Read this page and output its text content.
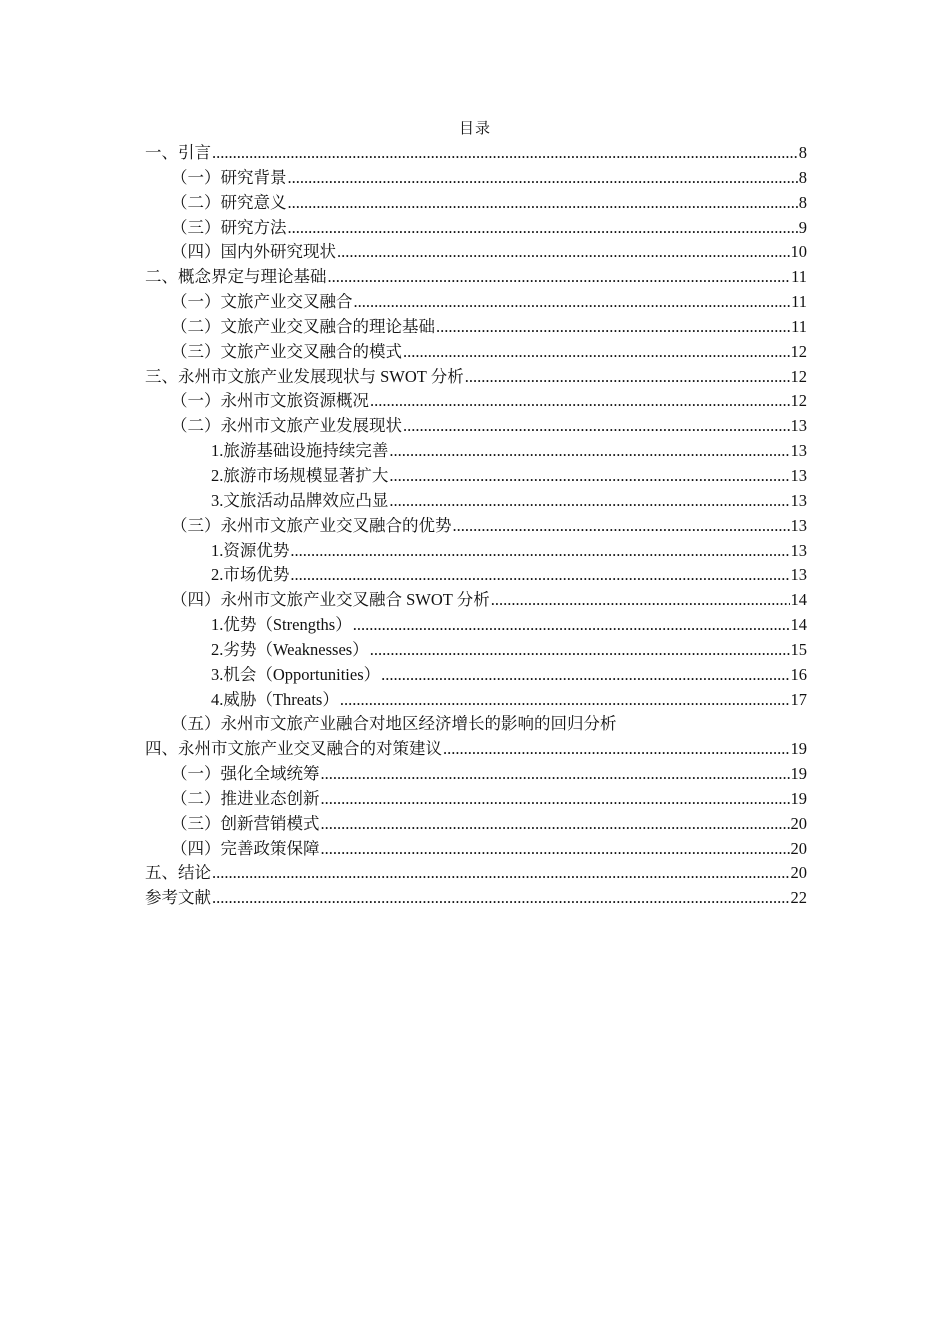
目录
一、引言 .....	8
（一）研究背景 .....	8
（二）研究意义 .....	8
（三）研究方法 .....	9
（四）国内外研究现状 .....	10
二、概念界定与理论基础 .....	11
（一）文旅产业交叉融合 .....	11
（二）文旅产业交叉融合的理论基础 .....	11
（三）文旅产业交叉融合的模式 .....	12
三、永州市文旅产业发展现状与 SWOT 分析 .....	12
（一）永州市文旅资源概况 .....	12
（二）永州市文旅产业发展现状 .....	13
1.旅游基础设施持续完善 .....	13
2.旅游市场规模显著扩大 .....	13
3.文旅活动品牌效应凸显 .....	13
（三）永州市文旅产业交叉融合的优势 .....	13
1.资源优势 .....	13
2.市场优势 .....	13
（四）永州市文旅产业交叉融合 SWOT 分析 .....	14
1.优势（Strengths） .....	14
2.劣势（Weaknesses） .....	15
3.机会（Opportunities） .....	16
4.威胁（Threats） .....	17
（五）永州市文旅产业融合对地区经济增长的影响的回归分析
四、永州市文旅产业交叉融合的对策建议 .....	19
（一）强化全域统筹 .....	19
（二）推进业态创新 .....	19
（三）创新营销模式 .....	20
（四）完善政策保障 .....	20
五、结论 .....	20
参考文献 .....	22
